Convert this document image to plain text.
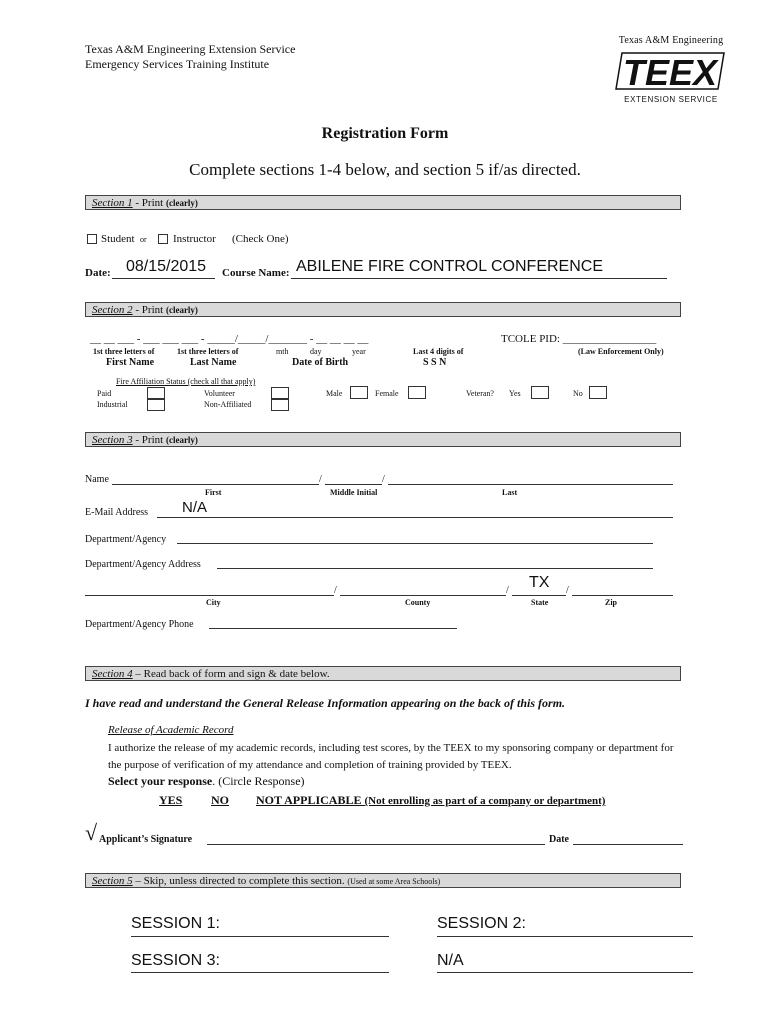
Texas A&M Engineering Extension Service
Emergency Services Training Institute
Texas A&M Engineering
TEEX
EXTENSION SERVICE
Registration Form
Complete sections 1-4 below, and section 5 if/as directed.
Section 1 - Print (clearly)
Student or Instructor (Check One)
Date: 08/15/2015 Course Name: ABILENE FIRE CONTROL CONFERENCE
Section 2 - Print (clearly)
__ __ ___ - ___ ___ ___ - _____/_____/_______ - __ __ __ __	TCOLE PID: _________________
1st three letters of
First Name
1st three letters of
Last Name
mth	day	year
Date of Birth
Last 4 digits of
S S N
(Law Enforcement Only)
Fire Affiliation Status (check all that apply)
Paid
Industrial
Volunteer
Non-Affiliated
Male	Female	Veteran? Yes	No
Section 3 - Print (clearly)
Name	/	/
First	Middle Initial	Last
E-Mail Address N/A
Department/Agency
Department/Agency Address
/	/ TX /
City	County	State	Zip
Department/Agency Phone
Section 4 – Read back of form and sign & date below.
I have read and understand the General Release Information appearing on the back of this form.
Release of Academic Record
I authorize the release of my academic records, including test scores, by the TEEX to my sponsoring company or department for the purpose of verification of my attendance and completion of training provided by TEEX.
Select your response. (Circle Response)
YES NO NOT APPLICABLE (Not enrolling as part of a company or department)
√ Applicant’s Signature	Date
Section 5 – Skip, unless directed to complete this section. (Used at some Area Schools)
SESSION 1:	SESSION 2:
SESSION 3:	N/A
